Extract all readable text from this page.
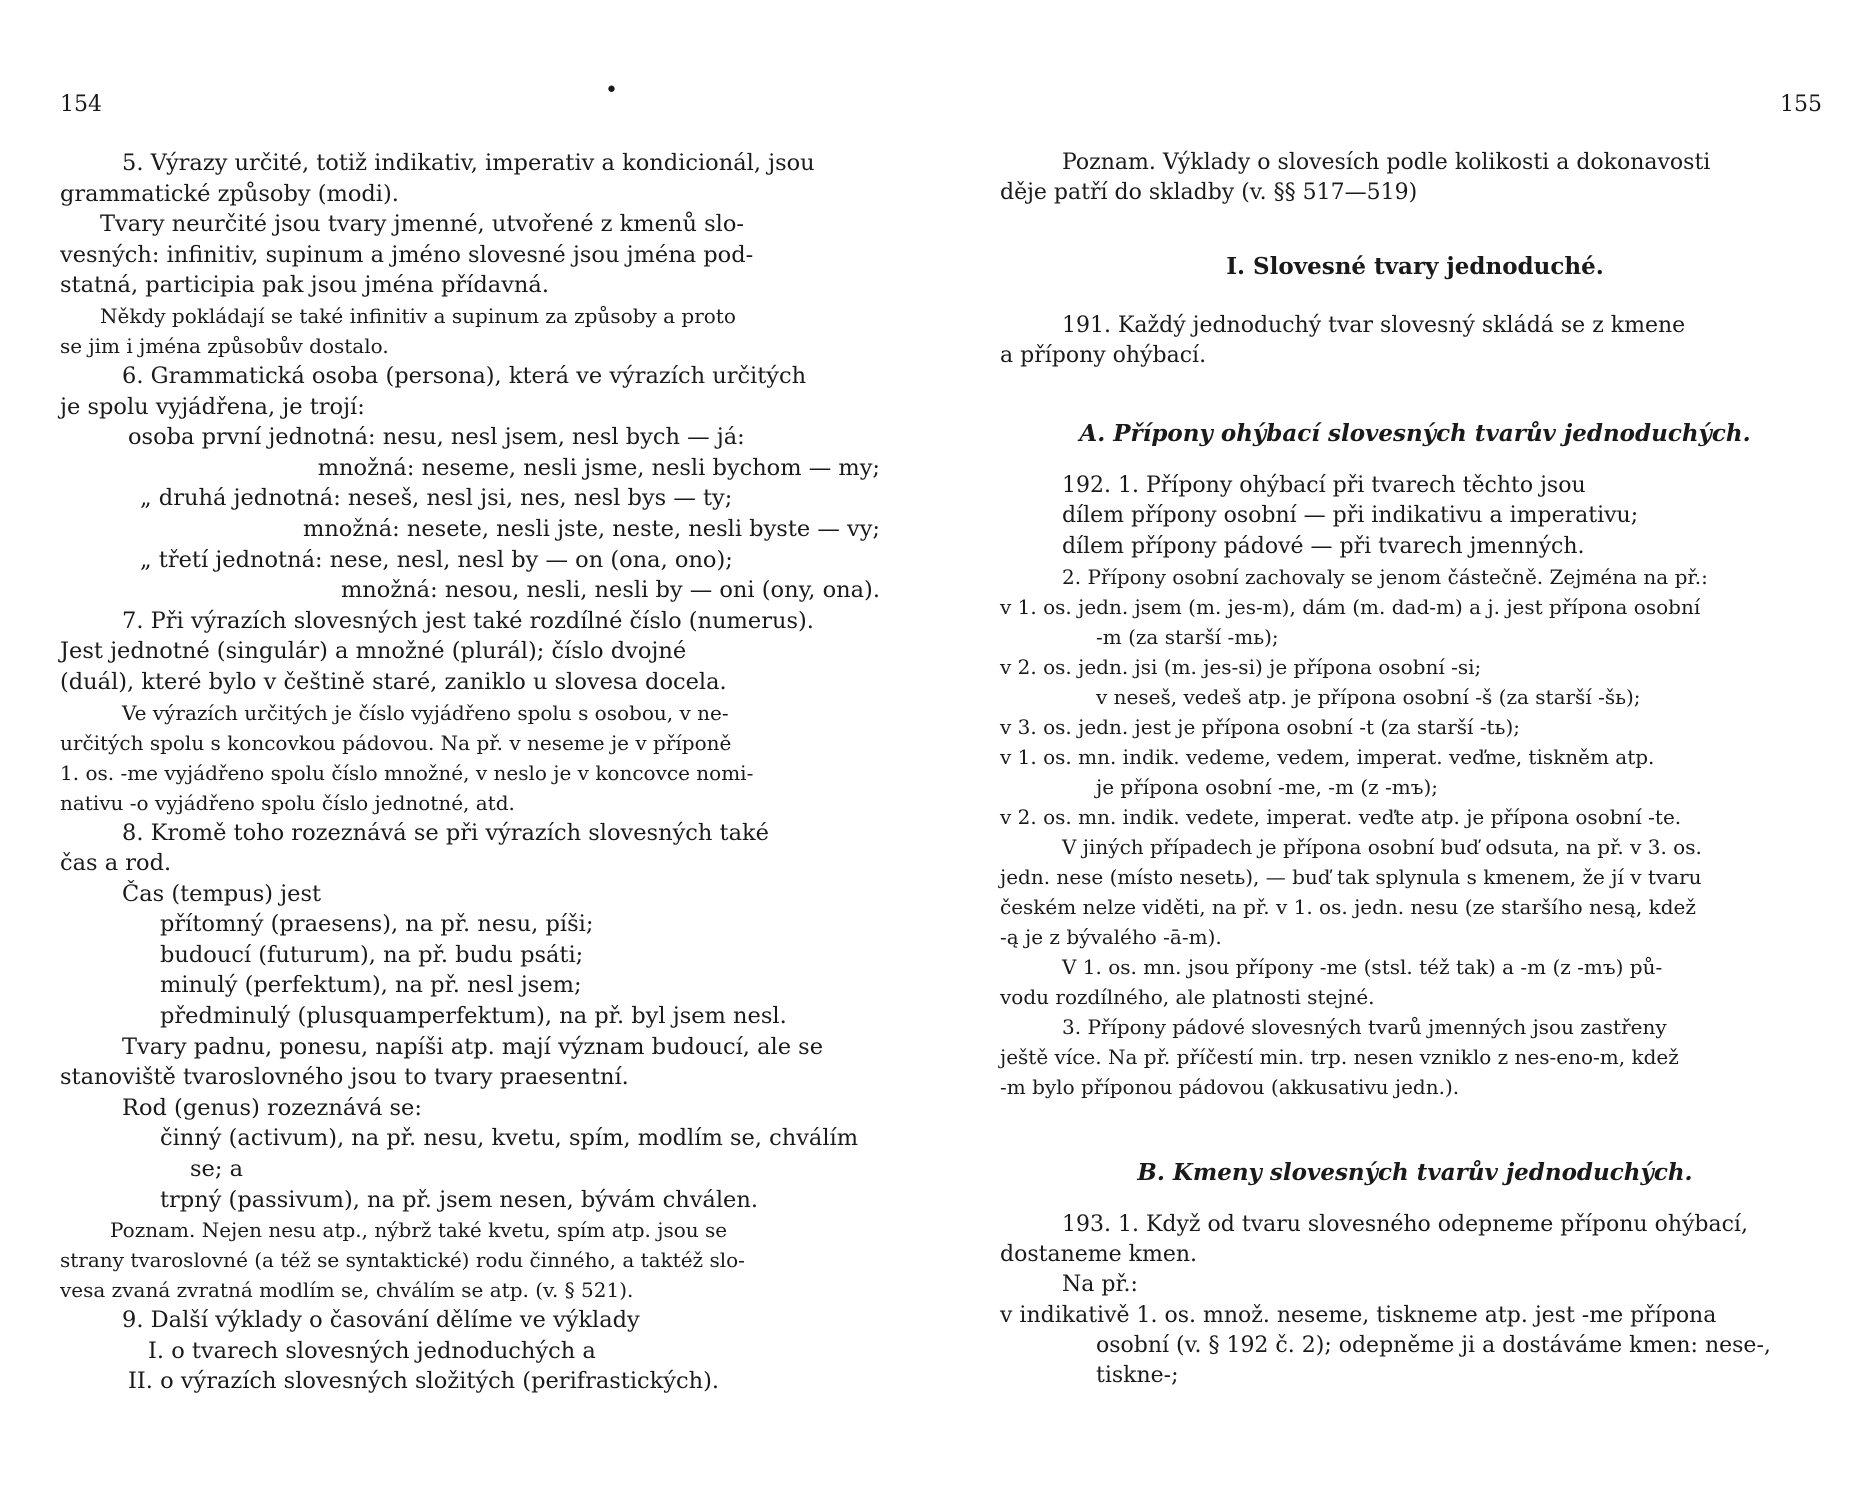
154
•

5. Výrazy určité, totiž indikativ, imperativ a kondicionál, jsou

grammatické způsoby (modi).

Tvary neurčité jsou tvary jmenné, utvořené z kmenů slo-

vesných: infinitiv, supinum a jméno slovesné jsou jména pod-

statná, participia pak jsou jména přídavná.

Někdy pokládají se také infinitiv a supinum za způsoby a proto

se jim i jména způsobův dostalo.

6. Grammatická osoba (persona), která ve výrazích určitých

je spolu vyjádřena, je trojí:

osoba první jednotná: nesu, nesl jsem, nesl bych — já:

množná: neseme, nesli jsme, nesli bychom — my;

„ druhá jednotná: neseš, nesl jsi, nes, nesl bys — ty;

množná: nesete, nesli jste, neste, nesli byste — vy;

„ třetí jednotná: nese, nesl, nesl by — on (ona, ono);

množná: nesou, nesli, nesli by — oni (ony, ona).

7. Při výrazích slovesných jest také rozdílné číslo (numerus).

Jest jednotné (singulár) a množné (plurál); číslo dvojné

(duál), které bylo v češtině staré, zaniklo u slovesa docela.

Ve výrazích určitých je číslo vyjádřeno spolu s osobou, v ne-

určitých spolu s koncovkou pádovou. Na př. v neseme je v příponě

1. os. -me vyjádřeno spolu číslo množné, v neslo je v koncovce nomi-

nativu -o vyjádřeno spolu číslo jednotné, atd.

8. Kromě toho rozeznává se při výrazích slovesných také

čas a rod.

Čas (tempus) jest

přítomný (praesens), na př. nesu, píši;

budoucí (futurum), na př. budu psáti;

minulý (perfektum), na př. nesl jsem;

předminulý (plusquamperfektum), na př. byl jsem nesl.

Tvary padnu, ponesu, napíši atp. mají význam budoucí, ale se

stanoviště tvaroslovného jsou to tvary praesentní.

Rod (genus) rozeznává se:

činný (activum), na př. nesu, kvetu, spím, modlím se, chválím

se; a

trpný (passivum), na př. jsem nesen, bývám chválen.

Poznam. Nejen nesu atp., nýbrž také kvetu, spím atp. jsou se

strany tvaroslovné (a též se syntaktické) rodu činného, a taktéž slo-

vesa zvaná zvratná modlím se, chválím se atp. (v. § 521).

9. Další výklady o časování dělíme ve výklady

I. o tvarech slovesných jednoduchých a

II. o výrazích slovesných složitých (perifrastických).

155

Poznam. Výklady o slovesích podle kolikosti a dokonavosti

děje patří do skladby (v. §§ 517—519)

I. Slovesné tvary jednoduché.

191. Každý jednoduchý tvar slovesný skládá se z kmene

a přípony ohýbací.

A. Přípony ohýbací slovesných tvarův jednoduchých.

192. 1. Přípony ohýbací při tvarech těchto jsou

dílem přípony osobní — při indikativu a imperativu;

dílem přípony pádové — při tvarech jmenných.

2. Přípony osobní zachovaly se jenom částečně. Zejména na př.:

v 1. os. jedn. jsem (m. jes-m), dám (m. dad-m) a j. jest přípona osobní

-m (za starší -mь);

v 2. os. jedn. jsi (m. jes-si) je přípona osobní -si;

v neseš, vedeš atp. je přípona osobní -š (za starší -šь);

v 3. os. jedn. jest je přípona osobní -t (za starší -tь);

v 1. os. mn. indik. vedeme, vedem, imperat. veďme, tiskněm atp.

je přípona osobní -me, -m (z -mъ);

v 2. os. mn. indik. vedete, imperat. veďte atp. je přípona osobní -te.

V jiných případech je přípona osobní buď odsuta, na př. v 3. os.

jedn. nese (místo nesetь), — buď tak splynula s kmenem, že jí v tvaru

českém nelze viděti, na př. v 1. os. jedn. nesu (ze staršího nesą, kdež

-ą je z bývalého -ā-m).

V 1. os. mn. jsou přípony -me (stsl. též tak) a -m (z -mъ) pů-

vodu rozdílného, ale platnosti stejné.

3. Přípony pádové slovesných tvarů jmenných jsou zastřeny

ještě více. Na př. příčestí min. trp. nesen vzniklo z nes-eno-m, kdež

-m bylo příponou pádovou (akkusativu jedn.).

B. Kmeny slovesných tvarův jednoduchých.

193. 1. Když od tvaru slovesného odepneme příponu ohýbací,

dostaneme kmen.

Na př.:

v indikativě 1. os. množ. neseme, tiskneme atp. jest -me přípona

osobní (v. § 192 č. 2); odepněme ji a dostáváme kmen: nese-,

tiskne-;
